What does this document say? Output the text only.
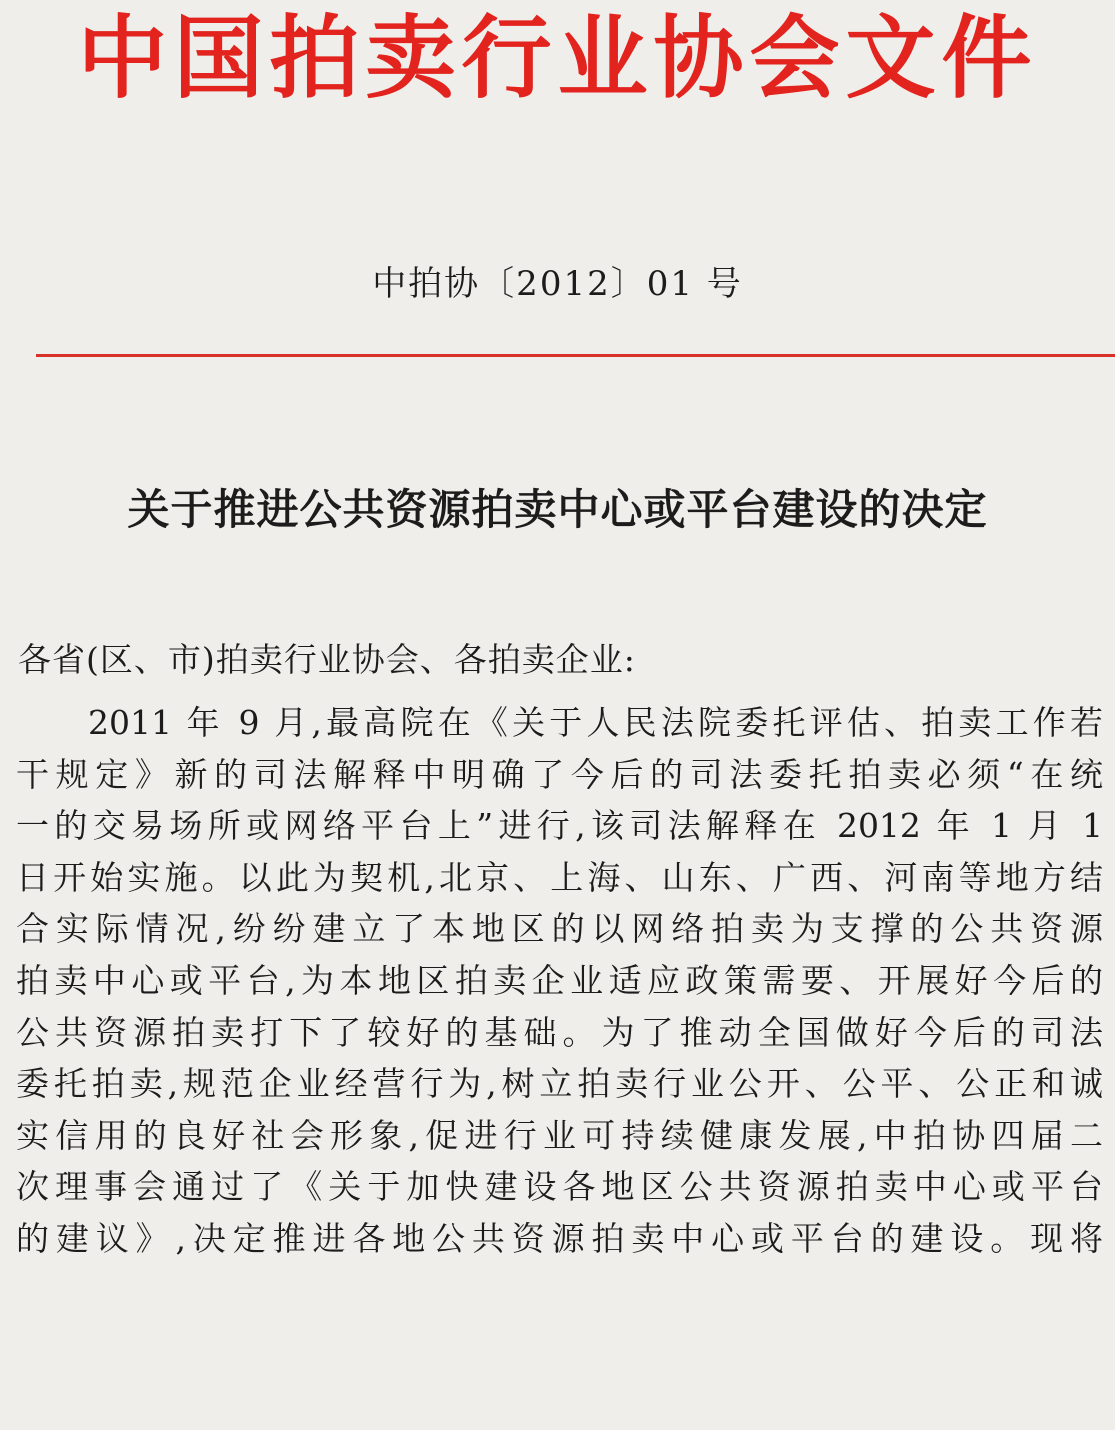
中国拍卖行业协会文件
中拍协〔2012〕01 号
关于推进公共资源拍卖中心或平台建设的决定
各省(区、市)拍卖行业协会、各拍卖企业:
2011 年 9 月,最高院在《关于人民法院委托评估、拍卖工作若
干规定》新的司法解释中明确了今后的司法委托拍卖必须“在统
一的交易场所或网络平台上”进行,该司法解释在 2012 年 1 月 1
日开始实施。以此为契机,北京、上海、山东、广西、河南等地方结
合实际情况,纷纷建立了本地区的以网络拍卖为支撑的公共资源
拍卖中心或平台,为本地区拍卖企业适应政策需要、开展好今后的
公共资源拍卖打下了较好的基础。为了推动全国做好今后的司法
委托拍卖,规范企业经营行为,树立拍卖行业公开、公平、公正和诚
实信用的良好社会形象,促进行业可持续健康发展,中拍协四届二
次理事会通过了《关于加快建设各地区公共资源拍卖中心或平台
的建议》,决定推进各地公共资源拍卖中心或平台的建设。现将
